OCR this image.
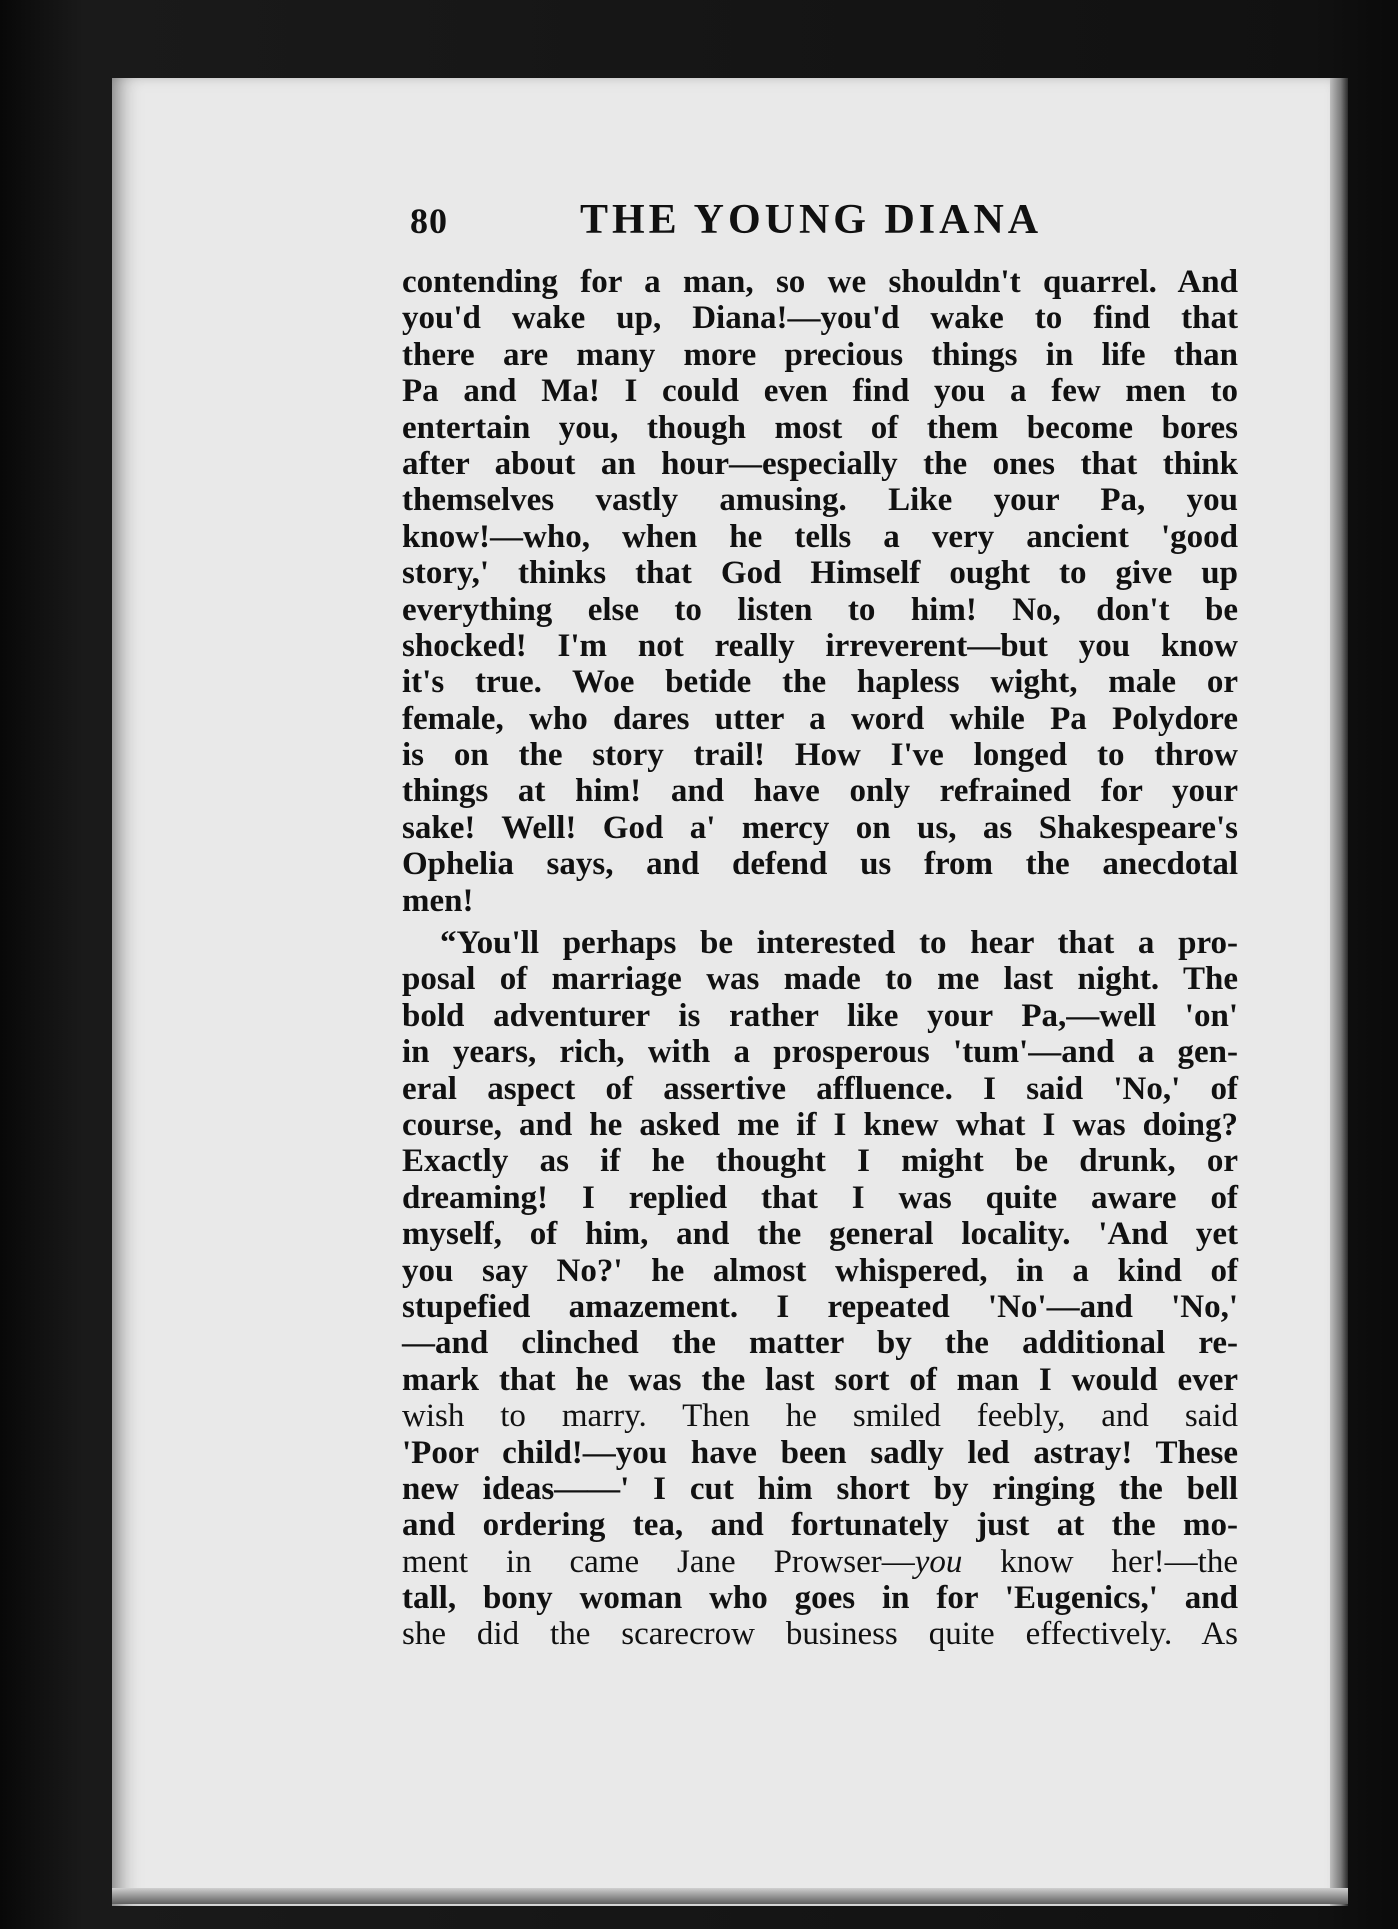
80	THE YOUNG DIANA
contending for a man, so we shouldn't quarrel. And
you'd wake up, Diana!—you'd wake to find that
there are many more precious things in life than
Pa and Ma! I could even find you a few men to
entertain you, though most of them become bores
after about an hour—especially the ones that think
themselves vastly amusing. Like your Pa, you
know!—who, when he tells a very ancient 'good
story,' thinks that God Himself ought to give up
everything else to listen to him! No, don't be
shocked! I'm not really irreverent—but you know
it's true. Woe betide the hapless wight, male or
female, who dares utter a word while Pa Polydore
is on the story trail! How I've longed to throw
things at him! and have only refrained for your
sake! Well! God a' mercy on us, as Shakespeare's
Ophelia says, and defend us from the anecdotal
men!
“You'll perhaps be interested to hear that a pro-
posal of marriage was made to me last night. The
bold adventurer is rather like your Pa,—well 'on'
in years, rich, with a prosperous 'tum'—and a gen-
eral aspect of assertive affluence. I said 'No,' of
course, and he asked me if I knew what I was doing?
Exactly as if he thought I might be drunk, or
dreaming! I replied that I was quite aware of
myself, of him, and the general locality. 'And yet
you say No?' he almost whispered, in a kind of
stupefied amazement. I repeated 'No'—and 'No,'
—and clinched the matter by the additional re-
mark that he was the last sort of man I would ever
wish to marry. Then he smiled feebly, and said
'Poor child!—you have been sadly led astray! These
new ideas——' I cut him short by ringing the bell
and ordering tea, and fortunately just at the mo-
ment in came Jane Prowser—you know her!—the
tall, bony woman who goes in for 'Eugenics,' and
she did the scarecrow business quite effectively. As
